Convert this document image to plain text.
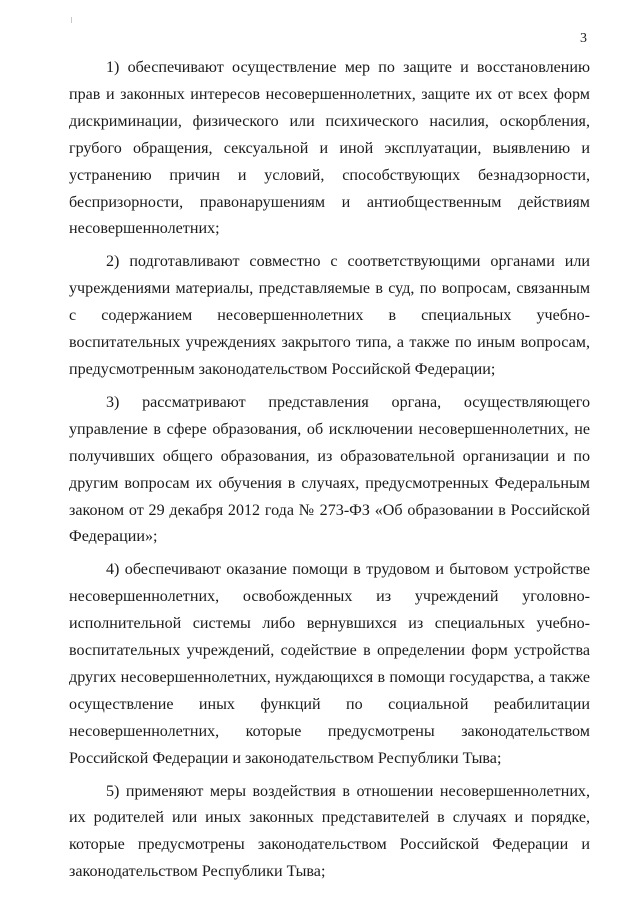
3

1) обеспечивают осуществление мер по защите и восстановлению прав и законных интересов несовершеннолетних, защите их от всех форм дискриминации, физического или психического насилия, оскорбления, грубого обращения, сексуальной и иной эксплуатации, выявлению и устранению причин и условий, способствующих безнадзорности, беспризорности, правонарушениям и антиобщественным действиям несовершеннолетних;

2) подготавливают совместно с соответствующими органами или учреждениями материалы, представляемые в суд, по вопросам, связанным с содержанием несовершеннолетних в специальных учебно-воспитательных учреждениях закрытого типа, а также по иным вопросам, предусмотренным законодательством Российской Федерации;

3) рассматривают представления органа, осуществляющего управление в сфере образования, об исключении несовершеннолетних, не получивших общего образования, из образовательной организации и по другим вопросам их обучения в случаях, предусмотренных Федеральным законом от 29 декабря 2012 года № 273-ФЗ «Об образовании в Российской Федерации»;

4) обеспечивают оказание помощи в трудовом и бытовом устройстве несовершеннолетних, освобожденных из учреждений уголовно-исполнительной системы либо вернувшихся из специальных учебно-воспитательных учреждений, содействие в определении форм устройства других несовершеннолетних, нуждающихся в помощи государства, а также осуществление иных функций по социальной реабилитации несовершеннолетних, которые предусмотрены законодательством Российской Федерации и законодательством Республики Тыва;

5) применяют меры воздействия в отношении несовершеннолетних, их родителей или иных законных представителей в случаях и порядке, которые предусмотрены законодательством Российской Федерации и законодательством Республики Тыва;
